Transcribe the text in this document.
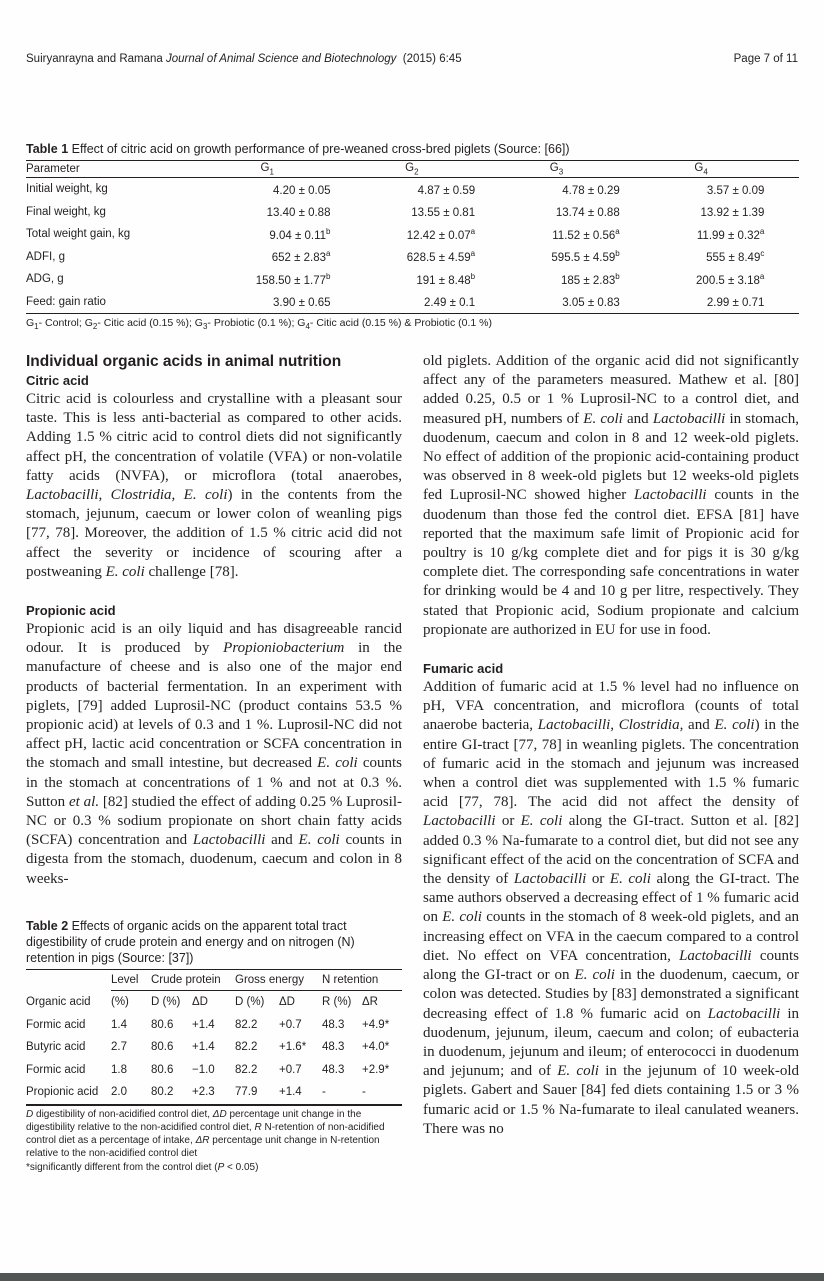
Suiryanrayna and Ramana Journal of Animal Science and Biotechnology (2015) 6:45	Page 7 of 11

Table 1 Effect of citric acid on growth performance of pre-weaned cross-bred piglets (Source: [66])

Parameter	$G_1$	$G_2$	$G_3$	$G_4$
Initial weight, kg	4.20 ± 0.05	4.87 ± 0.59	4.78 ± 0.29	3.57 ± 0.09
Final weight, kg	13.40 ± 0.88	13.55 ± 0.81	13.74 ± 0.88	13.92 ± 1.39
Total weight gain, kg	9.04 ± 0.11$^b$	12.42 ± 0.07$^a$	11.52 ± 0.56$^a$	11.99 ± 0.32$^a$
ADFI, g	652 ± 2.83$^a$	628.5 ± 4.59$^a$	595.5 ± 4.59$^b$	555 ± 8.49$^c$
ADG, g	158.50 ± 1.77$^b$	191 ± 8.48$^b$	185 ± 2.83$^b$	200.5 ± 3.18$^a$
Feed: gain ratio	3.90 ± 0.65	2.49 ± 0.1	3.05 ± 0.83	2.99 ± 0.71
$G_1-$ Control; $G_2-$ Citic acid (0.15 %); $G_3-$ Probiotic (0.1 %); $G_4-$ Citic acid (0.15 %) & Probiotic (0.1 %)
Individual organic acids in animal nutrition
Citric acid

Citric acid is colourless and crystalline with a pleasant sour taste. This is less anti-bacterial as compared to other acids. Adding 1.5 % citric acid to control diets did not significantly affect pH, the concentration of volatile (VFA) or non-volatile fatty acids (NVFA), or microflora (total anaerobes, Lactobacilli, Clostridia, E. coli) in the contents from the stomach, jejunum, caecum or lower colon of weanling pigs [77, 78]. Moreover, the addition of 1.5 % citric acid did not affect the severity or incidence of scouring after a postweaning E. coli challenge [78].

Propionic acid

Propionic acid is an oily liquid and has disagreeable rancid odour. It is produced by Propioniobacterium in the manufacture of cheese and is also one of the major end products of bacterial fermentation. In an experiment with piglets, [79] added Luprosil-NC (product contains 53.5 % propionic acid) at levels of 0.3 and 1 %. Luprosil-NC did not affect pH, lactic acid concentration or SCFA concentration in the stomach and small intestine, but decreased E. coli counts in the stomach at concentrations of 1 % and not at 0.3 %. Sutton et al. [82] studied the effect of adding 0.25 % Luprosil-NC or 0.3 % sodium propionate on short chain fatty acids (SCFA) concentration and Lactobacilli and E. coli counts in digesta from the stomach, duodenum, caecum and colon in 8 weeks-

Table 2 Effects of organic acids on the apparent total tract digestibility of crude protein and energy and on nitrogen (N) retention in pigs (Source: [37])

	Level	Crude protein		Gross energy		N retention	
Organic acid	(%)	D (%)	ΔD	D (%)	ΔD	R (%)	ΔR
Formic acid	1.4	80.6	+1.4	82.2	+0.7	48.3	+4.9*
Butyric acid	2.7	80.6	+1.4	82.2	+1.6*	48.3	+4.0*
Formic acid	1.8	80.6	−1.0	82.2	+0.7	48.3	+2.9*
Propionic acid	2.0	80.2	+2.3	77.9	+1.4	-	-
D digestibility of non-acidified control diet, ΔD percentage unit change in the digestibility relative to the non-acidified control diet, R N-retention of non-acidified control diet as a percentage of intake, ΔR percentage unit change in N-retention relative to the non-acidified control diet
*significantly different from the control diet (P < 0.05)

old piglets. Addition of the organic acid did not significantly affect any of the parameters measured. Mathew et al. [80] added 0.25, 0.5 or 1 % Luprosil-NC to a control diet, and measured pH, numbers of E. coli and Lactobacilli in stomach, duodenum, caecum and colon in 8 and 12 week-old piglets. No effect of addition of the propionic acid-containing product was observed in 8 week-old piglets but 12 weeks-old piglets fed Luprosil-NC showed higher Lactobacilli counts in the duodenum than those fed the control diet. EFSA [81] have reported that the maximum safe limit of Propionic acid for poultry is 10 g/kg complete diet and for pigs it is 30 g/kg complete diet. The corresponding safe concentrations in water for drinking would be 4 and 10 g per litre, respectively. They stated that Propionic acid, Sodium propionate and calcium propionate are authorized in EU for use in food.

Fumaric acid

Addition of fumaric acid at 1.5 % level had no influence on pH, VFA concentration, and microflora (counts of total anaerobe bacteria, Lactobacilli, Clostridia, and E. coli) in the entire GI-tract [77, 78] in weanling piglets. The concentration of fumaric acid in the stomach and jejunum was increased when a control diet was supplemented with 1.5 % fumaric acid [77, 78]. The acid did not affect the density of Lactobacilli or E. coli along the GI-tract. Sutton et al. [82] added 0.3 % Na-fumarate to a control diet, but did not see any significant effect of the acid on the concentration of SCFA and the density of Lactobacilli or E. coli along the GI-tract. The same authors observed a decreasing effect of 1 % fumaric acid on E. coli counts in the stomach of 8 week-old piglets, and an increasing effect on VFA in the caecum compared to a control diet. No effect on VFA concentration, Lactobacilli counts along the GI-tract or on E. coli in the duodenum, caecum, or colon was detected. Studies by [83] demonstrated a significant decreasing effect of 1.8 % fumaric acid on Lactobacilli in duodenum, jejunum, ileum, caecum and colon; of eubacteria in duodenum, jejunum and ileum; of enterococci in duodenum and jejunum; and of E. coli in the jejunum of 10 week-old piglets. Gabert and Sauer [84] fed diets containing 1.5 or 3 % fumaric acid or 1.5 % Na-fumarate to ileal canulated weaners. There was no
